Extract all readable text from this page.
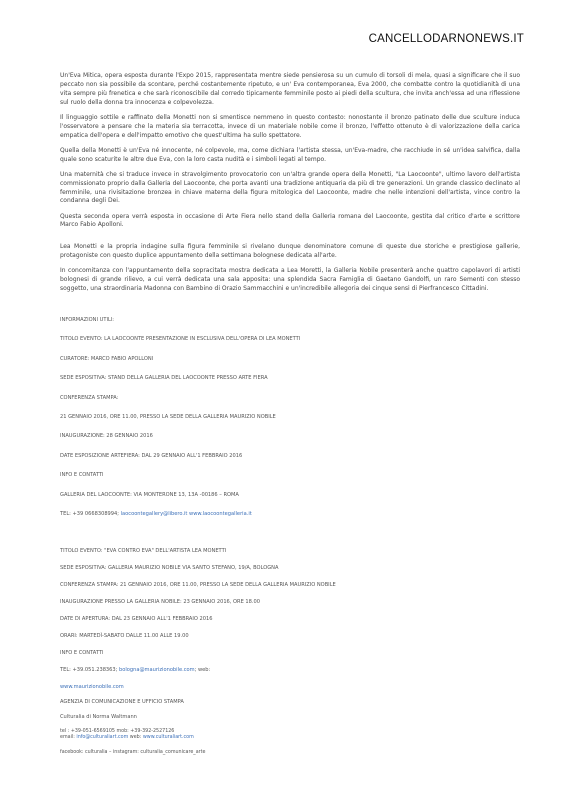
CANCELLODARNONEWS.IT

Un'Eva Mitica, opera esposta durante l'Expo 2015, rappresentata mentre siede pensierosa su un cumulo di torsoli di mela, quasi a significare che il suo peccato non sia possibile da scontare, perché costantemente ripetuto, e un' Eva contemporanea, Eva 2000, che combatte contro la quotidianità di una vita sempre più frenetica e che sarà riconoscibile dal corredo tipicamente femminile posto ai piedi della scultura, che invita anch'essa ad una riflessione sul ruolo della donna tra innocenza e colpevolezza.

Il linguaggio sottile e raffinato della Monetti non si smentisce nemmeno in questo contesto: nonostante il bronzo patinato delle due sculture induca l'osservatore a pensare che la materia sia terracotta, invece di un materiale nobile come il bronzo, l'effetto ottenuto è di valorizzazione della carica empatica dell'opera e dell'impatto emotivo che quest'ultima ha sullo spettatore.

Quella della Monetti è un'Eva né innocente, né colpevole, ma, come dichiara l'artista stessa, un'Eva-madre, che racchiude in sé un'idea salvifica, dalla quale sono scaturite le altre due Eva, con la loro casta nudità e i simboli legati al tempo.

Una maternità che si traduce invece in stravolgimento provocatorio con un'altra grande opera della Monetti, "La Laocoonte", ultimo lavoro dell'artista commissionato proprio dalla Galleria del Laocoonte, che porta avanti una tradizione antiquaria da più di tre generazioni. Un grande classico declinato al femminile, una rivisitazione bronzea in chiave materna della figura mitologica del Laocoonte, madre che nelle intenzioni dell'artista, vince contro la condanna degli Dei.

Questa seconda opera verrà esposta in occasione di Arte Fiera nello stand della Galleria romana del Laocoonte, gestita dal critico d'arte e scrittore Marco Fabio Apolloni.

Lea Monetti e la propria indagine sulla figura femminile si rivelano dunque denominatore comune di queste due storiche e prestigiose gallerie, protagoniste con questo duplice appuntamento della settimana bolognese dedicata all'arte.

In concomitanza con l'appuntamento della sopracitata mostra dedicata a Lea Moretti, la Galleria Nobile presenterà anche quattro capolavori di artisti bolognesi di grande rilievo, a cui verrà dedicata una sala apposita: una splendida Sacra Famiglia di Gaetano Gandolfi, un raro Sementi con stesso soggetto, una straordinaria Madonna con Bambino di Orazio Sammacchini e un'incredibile allegoria dei cinque sensi di Pierfrancesco Cittadini.

INFORMAZIONI UTILI:
TITOLO EVENTO: LA LAOCOONTE PRESENTAZIONE IN ESCLUSIVA DELL'OPERA DI LEA MONETTI
CURATORE: MARCO FABIO APOLLONI
SEDE ESPOSITIVA: STAND DELLA GALLERIA DEL LAOCOONTE PRESSO ARTE FIERA
CONFERENZA STAMPA:
21 GENNAIO 2016, ORE 11.00, PRESSO LA SEDE DELLA GALLERIA MAURIZIO NOBILE
INAUGURAZIONE: 28 GENNAIO 2016
DATE ESPOSIZIONE ARTEFIERA: DAL 29 GENNAIO ALL'1 FEBBRAIO 2016
INFO E CONTATTI
GALLERIA DEL LAOCOONTE: VIA MONTERONE 13, 13A -00186 – ROMA
TEL: +39 0668308994; laocoontegallery@libero.it www.laocoontegalleria.it
TITOLO EVENTO: "EVA CONTRO EVA" DELL'ARTISTA LEA MONETTI
SEDE ESPOSITIVA: GALLERIA MAURIZIO NOBILE VIA SANTO STEFANO, 19/A, BOLOGNA
CONFERENZA STAMPA: 21 GENNAIO 2016, ORE 11.00, PRESSO LA SEDE DELLA GALLERIA MAURIZIO NOBILE
INAUGURAZIONE PRESSO LA GALLERIA NOBILE: 23 GENNAIO 2016, ORE 18.00
DATE DI APERTURA: DAL 23 GENNAIO ALL'1 FEBBRAIO 2016
ORARI: MARTEDÌ-SABATO DALLE 11.00 ALLE 19.00
INFO E CONTATTI
TEL: +39.051.238363; bologna@maurizionobile.com; web:
www.maurizionobile.com
AGENZIA DI COMUNICAZIONE E UFFICIO STAMPA
Culturalia di Norma Waltmann
tel : +39-051-6569105 mob: +39-392-2527126
email: info@culturaliart.com web: www.culturaliart.com
facebook: culturalia – instagram: culturalia_comunicare_arte
